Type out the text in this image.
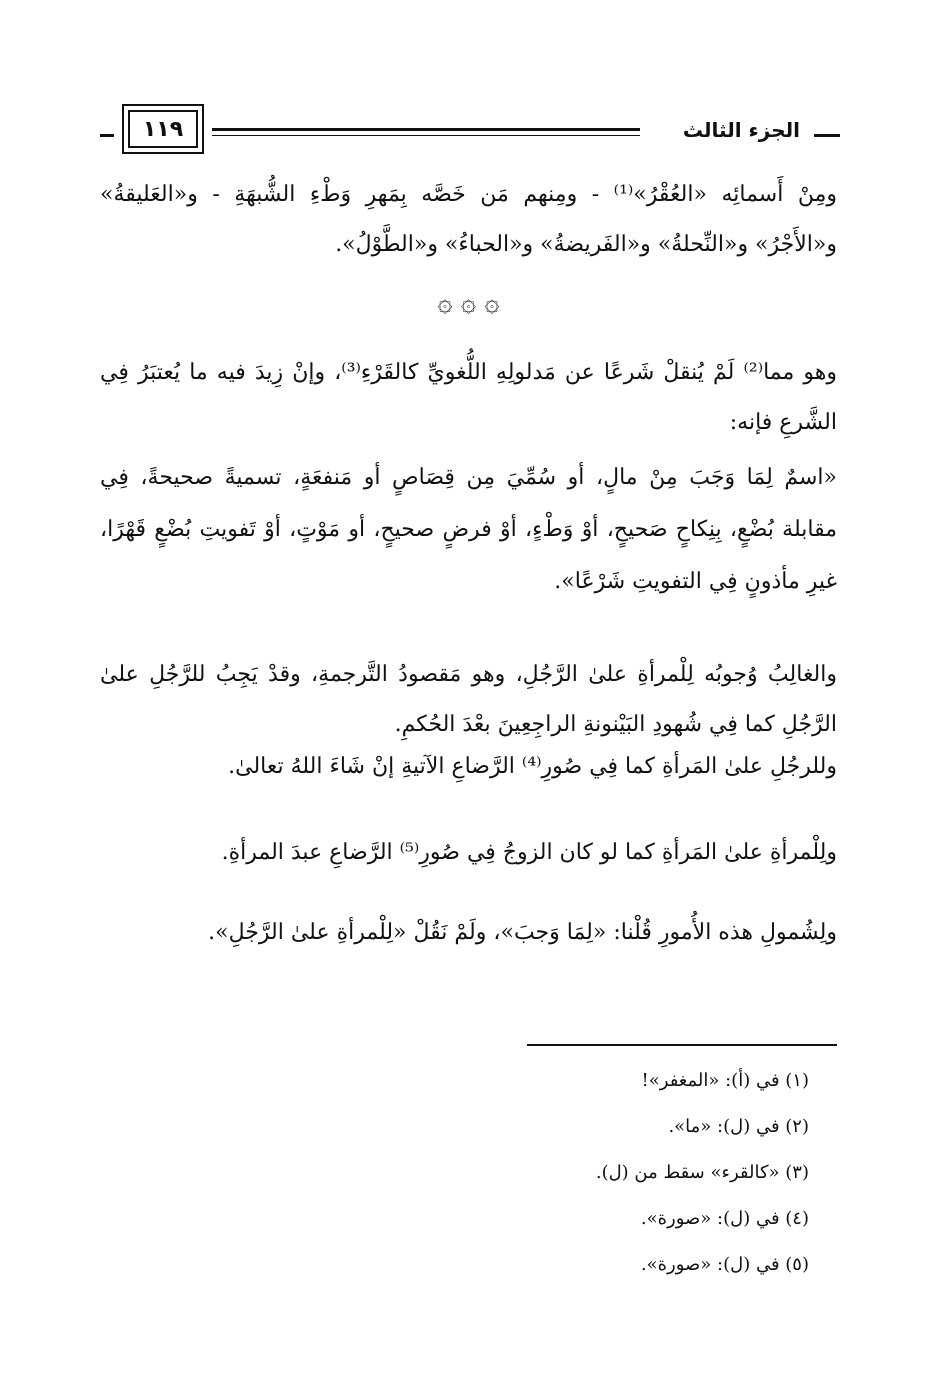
الجزء الثالث
١١٩

ومِنْ أَسمائِه «العُقْرُ»⁽¹⁾ - ومِنهم مَن خَصَّه بِمَهرِ وَطْءِ الشُّبهَةِ - و«العَليقةُ» و«الأَجْرُ» و«النِّحلةُ» و«الفَريضةُ» و«الحباءُ» و«الطَّوْلُ».

۞ ۞ ۞

وهو مما⁽²⁾ لَمْ يُنقلْ شَرعًا عن مَدلولِهِ اللُّغويِّ كالقَرْءِ⁽³⁾، وإنْ زِيدَ فيه ما يُعتبَرُ فِي الشَّرعِ فإنه:

«اسمٌ لِمَا وَجَبَ مِنْ مالٍ، أو سُمِّيَ مِن قِصَاصٍ أو مَنفعَةٍ، تسميةً صحيحةً، فِي مقابلة بُضْعٍ، بِنِكاحٍ صَحيحٍ، أوْ وَطْءٍ، أوْ فرضٍ صحيحٍ، أو مَوْتٍ، أوْ تَفويتِ بُضْعٍ قَهْرًا، غيرِ مأذونٍ فِي التفويتِ شَرْعًا».

والغالِبُ وُجوبُه لِلْمرأةِ علىٰ الرَّجُلِ، وهو مَقصودُ التَّرجمةِ، وقدْ يَجِبُ للرَّجُلِ علىٰ الرَّجُلِ كما فِي شُهودِ البَيْنونةِ الراجِعِينَ بعْدَ الحُكمِ.

وللرجُلِ علىٰ المَرأةِ كما فِي صُورِ⁽⁴⁾ الرَّضاعِ الآتيةِ إنْ شَاءَ اللهُ تعالىٰ.

ولِلْمرأةِ علىٰ المَرأةِ كما لو كان الزوجُ فِي صُورِ⁽⁵⁾ الرَّضاعِ عبدَ المرأةِ.

ولِشُمولِ هذه الأُمورِ قُلْنا: «لِمَا وَجبَ»، ولَمْ نَقُلْ «لِلْمرأةِ علىٰ الرَّجُلِ».

(١) في (أ): «المغفر»!
(٢) في (ل): «ما».
(٣) «كالقرء» سقط من (ل).
(٤) في (ل): «صورة».
(٥) في (ل): «صورة».
